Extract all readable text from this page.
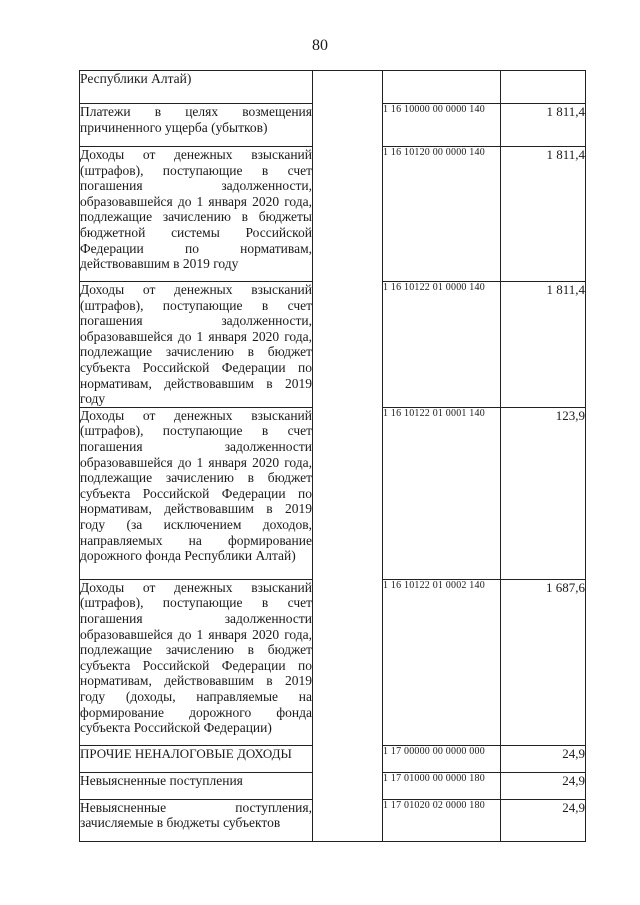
80
Республики Алтай)			
Платежи в целях возмещения причиненного ущерба (убытков)		1 16 10000 00 0000 140	1 811,4
Доходы от денежных взысканий (штрафов), поступающие в счет погашения задолженности, образовавшейся до 1 января 2020 года, подлежащие зачислению в бюджеты бюджетной системы Российской Федерации по нормативам, действовавшим в 2019 году		1 16 10120 00 0000 140	1 811,4
Доходы от денежных взысканий (штрафов), поступающие в счет погашения задолженности, образовавшейся до 1 января 2020 года, подлежащие зачислению в бюджет субъекта Российской Федерации по нормативам, действовавшим в 2019 году		1 16 10122 01 0000 140	1 811,4
Доходы от денежных взысканий (штрафов), поступающие в счет погашения задолженности образовавшейся до 1 января 2020 года, подлежащие зачислению в бюджет субъекта Российской Федерации по нормативам, действовавшим в 2019 году (за исключением доходов, направляемых на формирование дорожного фонда Республики Алтай)		1 16 10122 01 0001 140	123,9
Доходы от денежных взысканий (штрафов), поступающие в счет погашения задолженности образовавшейся до 1 января 2020 года, подлежащие зачислению в бюджет субъекта Российской Федерации по нормативам, действовавшим в 2019 году (доходы, направляемые на формирование дорожного фонда субъекта Российской Федерации)		1 16 10122 01 0002 140	1 687,6
ПРОЧИЕ НЕНАЛОГОВЫЕ ДОХОДЫ		1 17 00000 00 0000 000	24,9
Невыясненные поступления		1 17 01000 00 0000 180	24,9
Невыясненные поступления, зачисляемые в бюджеты субъектов		1 17 01020 02 0000 180	24,9
